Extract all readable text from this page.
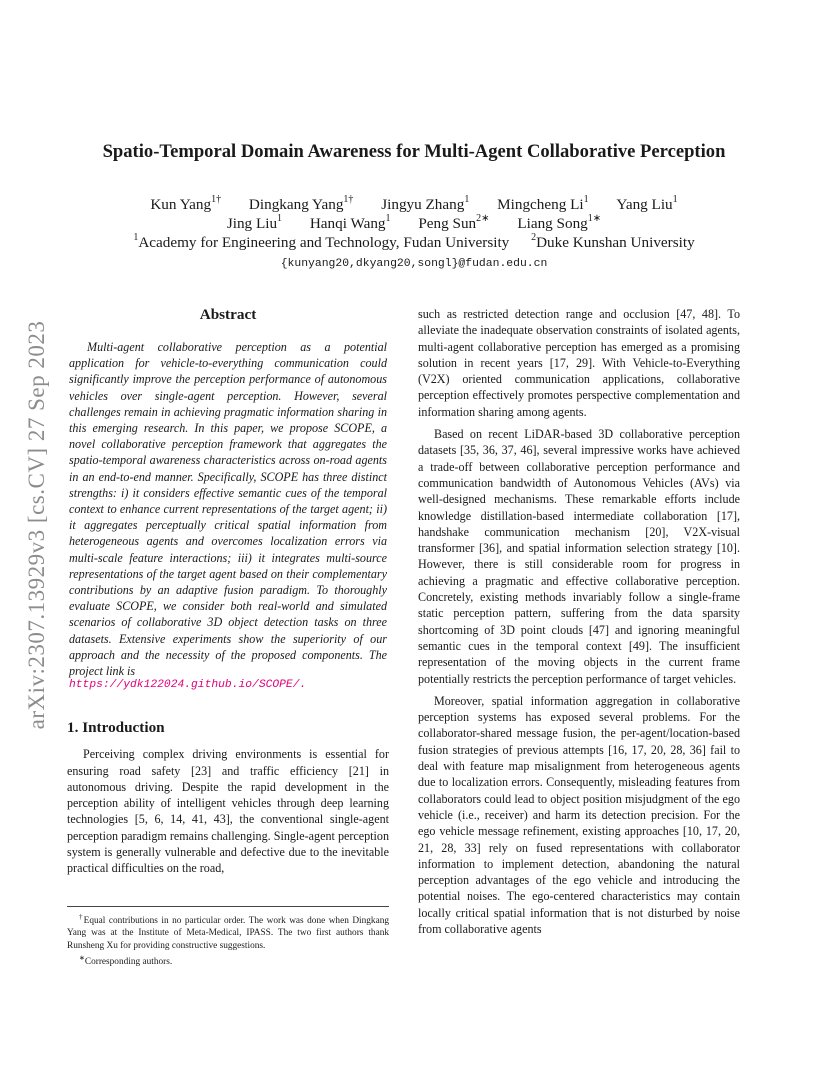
arXiv:2307.13929v3 [cs.CV] 27 Sep 2023
Spatio-Temporal Domain Awareness for Multi-Agent Collaborative Perception
Kun Yang$^{1\dagger}$ Dingkang Yang$^{1\dagger}$ Jingyu Zhang$^1$ Mingcheng Li$^1$ Yang Liu$^1$
Jing Liu$^1$ Hanqi Wang$^1$ Peng Sun$^{2∗}$ Liang Song$^{1∗}$
$^1$Academy for Engineering and Technology, Fudan University $^2$Duke Kunshan University
{kunyang20,dkyang20,songl}@fudan.edu.cn
Abstract

Multi-agent collaborative perception as a potential application for vehicle-to-everything communication could significantly improve the perception performance of autonomous vehicles over single-agent perception. However, several challenges remain in achieving pragmatic information sharing in this emerging research. In this paper, we propose SCOPE, a novel collaborative perception framework that aggregates the spatio-temporal awareness characteristics across on-road agents in an end-to-end manner. Specifically, SCOPE has three distinct strengths: i) it considers effective semantic cues of the temporal context to enhance current representations of the target agent; ii) it aggregates perceptually critical spatial information from heterogeneous agents and overcomes localization errors via multi-scale feature interactions; iii) it integrates multi-source representations of the target agent based on their complementary contributions by an adaptive fusion paradigm. To thoroughly evaluate SCOPE, we consider both real-world and simulated scenarios of collaborative 3D object detection tasks on three datasets. Extensive experiments show the superiority of our approach and the necessity of the proposed components. The project link is

https://ydk122024.github.io/SCOPE/.
1. Introduction

Perceiving complex driving environments is essential for ensuring road safety [23] and traffic efficiency [21] in autonomous driving. Despite the rapid development in the perception ability of intelligent vehicles through deep learning technologies [5, 6, 14, 41, 43], the conventional single-agent perception paradigm remains challenging. Single-agent perception system is generally vulnerable and defective due to the inevitable practical difficulties on the road,

such as restricted detection range and occlusion [47, 48]. To alleviate the inadequate observation constraints of isolated agents, multi-agent collaborative perception has emerged as a promising solution in recent years [17, 29]. With Vehicle-to-Everything (V2X) oriented communication applications, collaborative perception effectively promotes perspective complementation and information sharing among agents.

Based on recent LiDAR-based 3D collaborative perception datasets [35, 36, 37, 46], several impressive works have achieved a trade-off between collaborative perception performance and communication bandwidth of Autonomous Vehicles (AVs) via well-designed mechanisms. These remarkable efforts include knowledge distillation-based intermediate collaboration [17], handshake communication mechanism [20], V2X-visual transformer [36], and spatial information selection strategy [10]. However, there is still considerable room for progress in achieving a pragmatic and effective collaborative perception. Concretely, existing methods invariably follow a single-frame static perception pattern, suffering from the data sparsity shortcoming of 3D point clouds [47] and ignoring meaningful semantic cues in the temporal context [49]. The insufficient representation of the moving objects in the current frame potentially restricts the perception performance of target vehicles.

Moreover, spatial information aggregation in collaborative perception systems has exposed several problems. For the collaborator-shared message fusion, the per-agent/location-based fusion strategies of previous attempts [16, 17, 20, 28, 36] fail to deal with feature map misalignment from heterogeneous agents due to localization errors. Consequently, misleading features from collaborators could lead to object position misjudgment of the ego vehicle (i.e., receiver) and harm its detection precision. For the ego vehicle message refinement, existing approaches [10, 17, 20, 21, 28, 33] rely on fused representations with collaborator information to implement detection, abandoning the natural perception advantages of the ego vehicle and introducing the potential noises. The ego-centered characteristics may contain locally critical spatial information that is not disturbed by noise from collaborative agents

†Equal contributions in no particular order. The work was done when Dingkang Yang was at the Institute of Meta-Medical, IPASS. The two first authors thank Runsheng Xu for providing constructive suggestions.

∗Corresponding authors.
